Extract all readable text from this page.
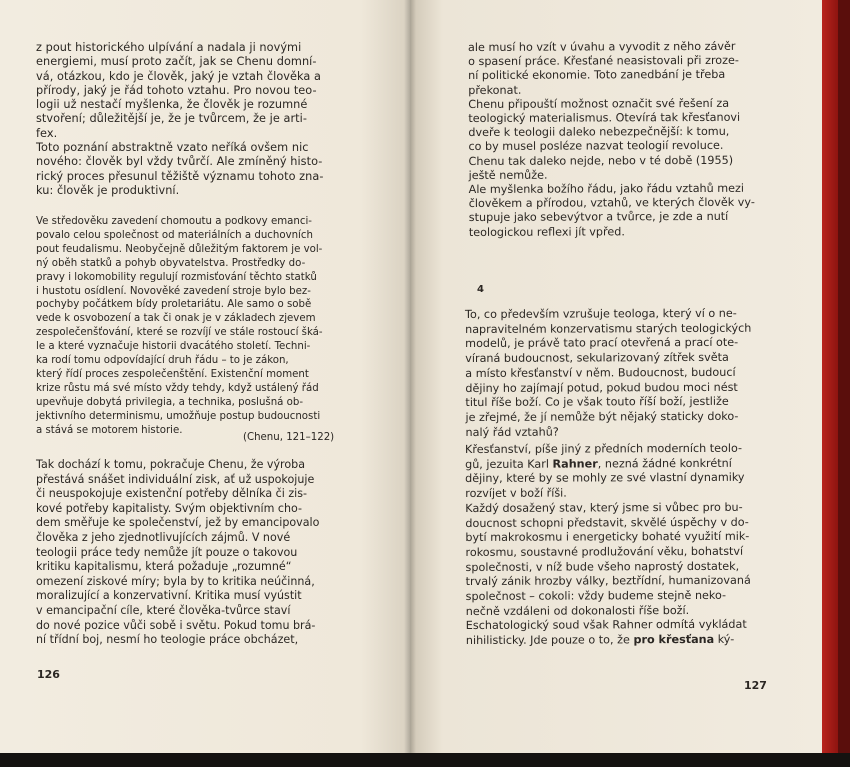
z pout historického ulpívání a nadala ji novými
energiemi, musí proto začít, jak se Chenu domní-
vá, otázkou, kdo je člověk, jaký je vztah člověka a
přírody, jaký je řád tohoto vztahu. Pro novou teo-
logii už nestačí myšlenka, že člověk je rozumné
stvoření; důležitější je, že je tvůrcem, že je arti-
fex.
Toto poznání abstraktně vzato neříká ovšem nic
nového: člověk byl vždy tvůrčí. Ale zmíněný histo-
rický proces přesunul těžiště významu tohoto zna-
ku: člověk je produktivní.
Ve středověku zavedení chomoutu a podkovy emanci-
povalo celou společnost od materiálních a duchovních
pout feudalismu. Neobyčejně důležitým faktorem je vol-
ný oběh statků a pohyb obyvatelstva. Prostředky do-
pravy i lokomobility regulují rozmisťování těchto statků
i hustotu osídlení. Novověké zavedení stroje bylo bez-
pochyby počátkem bídy proletariátu. Ale samo o sobě
vede k osvobození a tak či onak je v základech zjevem
zespolečenšťování, které se rozvíjí ve stále rostoucí šká-
le a které vyznačuje historii dvacátého století. Techni-
ka rodí tomu odpovídající druh řádu – to je zákon,
který řídí proces zespolečenštění. Existenční moment
krize růstu má své místo vždy tehdy, když ustálený řád
upevňuje dobytá privilegia, a technika, poslušná ob-
jektivního determinismu, umožňuje postup budoucnosti
a stává se motorem historie.
(Chenu, 121–122)
Tak dochází k tomu, pokračuje Chenu, že výroba
přestává snášet individuální zisk, ať už uspokojuje
či neuspokojuje existenční potřeby dělníka či zis-
kové potřeby kapitalisty. Svým objektivním cho-
dem směřuje ke společenství, jež by emancipovalo
člověka z jeho zjednotlivujících zájmů. V nové
teologii práce tedy nemůže jít pouze o takovou
kritiku kapitalismu, která požaduje „rozumné“
omezení ziskové míry; byla by to kritika neúčinná,
moralizující a konzervativní. Kritika musí vyústit
v emancipační cíle, které člověka-tvůrce staví
do nové pozice vůči sobě i světu. Pokud tomu brá-
ní třídní boj, nesmí ho teologie práce obcházet,
126
ale musí ho vzít v úvahu a vyvodit z něho závěr
o spasení práce. Křesťané neasistovali při zroze-
ní politické ekonomie. Toto zanedbání je třeba
překonat.
Chenu připouští možnost označit své řešení za
teologický materialismus. Otevírá tak křesťanovi
dveře k teologii daleko nebezpečnější: k tomu,
co by musel posléze nazvat teologií revoluce.
Chenu tak daleko nejde, nebo v té době (1955)
ještě nemůže.
Ale myšlenka božího řádu, jako řádu vztahů mezi
člověkem a přírodou, vztahů, ve kterých člověk vy-
stupuje jako sebevýtvor a tvůrce, je zde a nutí
teologickou reflexi jít vpřed.
4
To, co především vzrušuje teologa, který ví o ne-
napravitelném konzervatismu starých teologických
modelů, je právě tato prací otevřená a prací ote-
víraná budoucnost, sekularizovaný zítřek světa
a místo křesťanství v něm. Budoucnost, budoucí
dějiny ho zajímají potud, pokud budou moci nést
titul říše boží. Co je však touto říší boží, jestliže
je zřejmé, že jí nemůže být nějaký staticky doko-
nalý řád vztahů?
Křesťanství, píše jiný z předních moderních teolo-
gů, jezuita Karl Rahner, nezná žádné konkrétní
dějiny, které by se mohly ze své vlastní dynamiky
rozvíjet v boží říši.
Každý dosažený stav, který jsme si vůbec pro bu-
doucnost schopni představit, skvělé úspěchy v do-
bytí makrokosmu i energeticky bohaté využití mik-
rokosmu, soustavné prodlužování věku, bohatství
společnosti, v níž bude všeho naprostý dostatek,
trvalý zánik hrozby války, beztřídní, humanizovaná
společnost – cokoli: vždy budeme stejně neko-
nečně vzdáleni od dokonalosti říše boží.
Eschatologický soud však Rahner odmítá vykládat
nihilisticky. Jde pouze o to, že pro křesťana ký-
127
